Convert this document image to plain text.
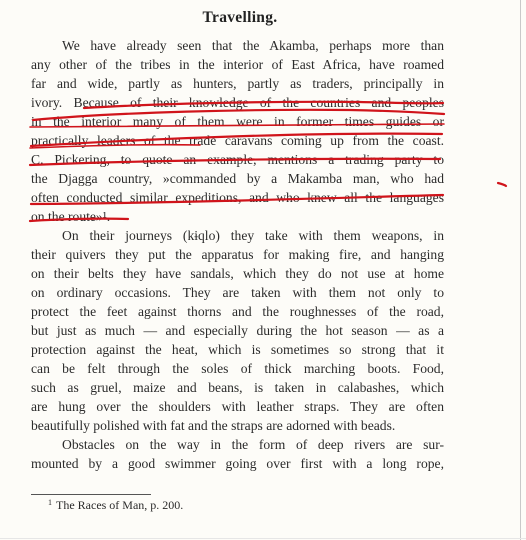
Travelling.
We have already seen that the Akamba, perhaps more than
any other of the tribes in the interior of East Africa, have roamed
far and wide, partly as hunters, partly as traders, principally in
ivory. Because of their knowledge of the countries and peoples
in the interior many of them were in former times guides or
practically leaders of the trade caravans coming up from the coast.
C. Pickering, to quote an example, mentions a trading party to
the Djagga country, »commanded by a Makamba man, who had
often conducted similar expeditions, and who knew all the languages
on the route»¹.
On their journeys (kɨqlo) they take with them weapons, in
their quivers they put the apparatus for making fire, and hanging
on their belts they have sandals, which they do not use at home
on ordinary occasions. They are taken with them not only to
protect the feet against thorns and the roughnesses of the road,
but just as much — and especially during the hot season — as a
protection against the heat, which is sometimes so strong that it
can be felt through the soles of thick marching boots. Food,
such as gruel, maize and beans, is taken in calabashes, which
are hung over the shoulders with leather straps. They are often
beautifully polished with fat and the straps are adorned with beads.
Obstacles on the way in the form of deep rivers are sur-
mounted by a good swimmer going over first with a long rope,
$^1$ The Races of Man, p. 200.
